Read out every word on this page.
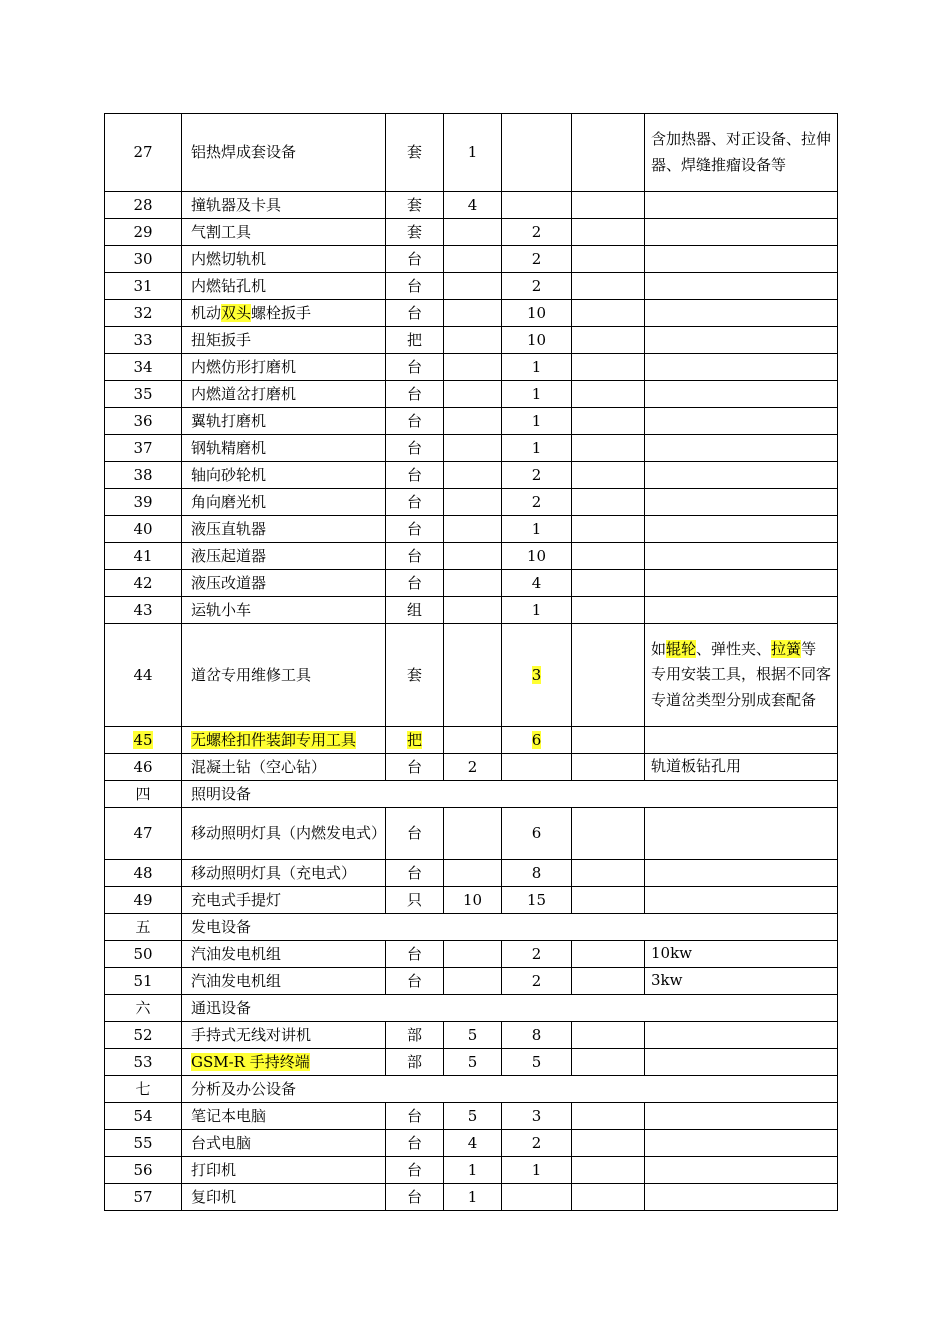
27	铝热焊成套设备	套	1			含加热器、对正设备、拉伸器、焊缝推瘤设备等
28	撞轨器及卡具	套	4			
29	气割工具	套		2		
30	内燃切轨机	台		2		
31	内燃钻孔机	台		2		
32	机动双头螺栓扳手	台		10		
33	扭矩扳手	把		10		
34	内燃仿形打磨机	台		1		
35	内燃道岔打磨机	台		1		
36	翼轨打磨机	台		1		
37	钢轨精磨机	台		1		
38	轴向砂轮机	台		2		
39	角向磨光机	台		2		
40	液压直轨器	台		1		
41	液压起道器	台		10		
42	液压改道器	台		4		
43	运轨小车	组		1		
44	道岔专用维修工具	套		3		如辊轮、弹性夹、拉簧等专用安装工具，根据不同客专道岔类型分别成套配备
45	无螺栓扣件装卸专用工具	把		6		
46	混凝土钻（空心钻）	台	2			轨道板钻孔用
四	照明设备					
47	移动照明灯具（内燃发电式）	台		6		
48	移动照明灯具（充电式）	台		8		
49	充电式手提灯	只	10	15		
五	发电设备					
50	汽油发电机组	台		2		10kw
51	汽油发电机组	台		2		3kw
六	通迅设备					
52	手持式无线对讲机	部	5	8		
53	GSM-R 手持终端	部	5	5		
七	分析及办公设备					
54	笔记本电脑	台	5	3		
55	台式电脑	台	4	2		
56	打印机	台	1	1		
57	复印机	台	1			
